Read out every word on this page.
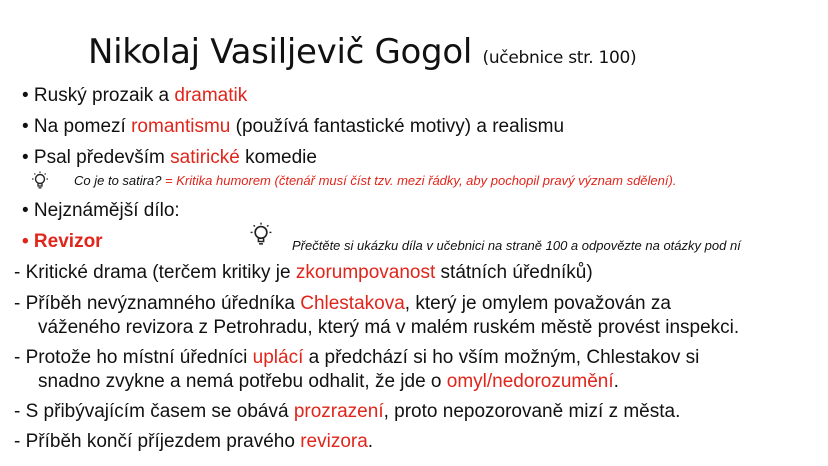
Nikolaj Vasiljevič Gogol (učebnice str. 100)
• Ruský prozaik a dramatik
• Na pomezí romantismu (používá fantastické motivy) a realismu
• Psal především satirické komedie
Co je to satira? = Kritika humorem (čtenář musí číst tzv. mezi řádky, aby pochopil pravý význam sdělení).
• Nejznámější dílo:
• Revizor	Přečtěte si ukázku díla v učebnici na straně 100 a odpovězte na otázky pod ní
- Kritické drama (terčem kritiky je zkorumpovanost státních úředníků)
- Příběh nevýznamného úředníka Chlestakova, který je omylem považován za
váženého revizora z Petrohradu, který má v malém ruském městě provést inspekci.
- Protože ho místní úředníci uplácí a předchází si ho vším možným, Chlestakov si
snadno zvykne a nemá potřebu odhalit, že jde o omyl/nedorozumění.
- S přibývajícím časem se obává prozrazení, proto nepozorovaně mizí z města.
- Příběh končí příjezdem pravého revizora.
